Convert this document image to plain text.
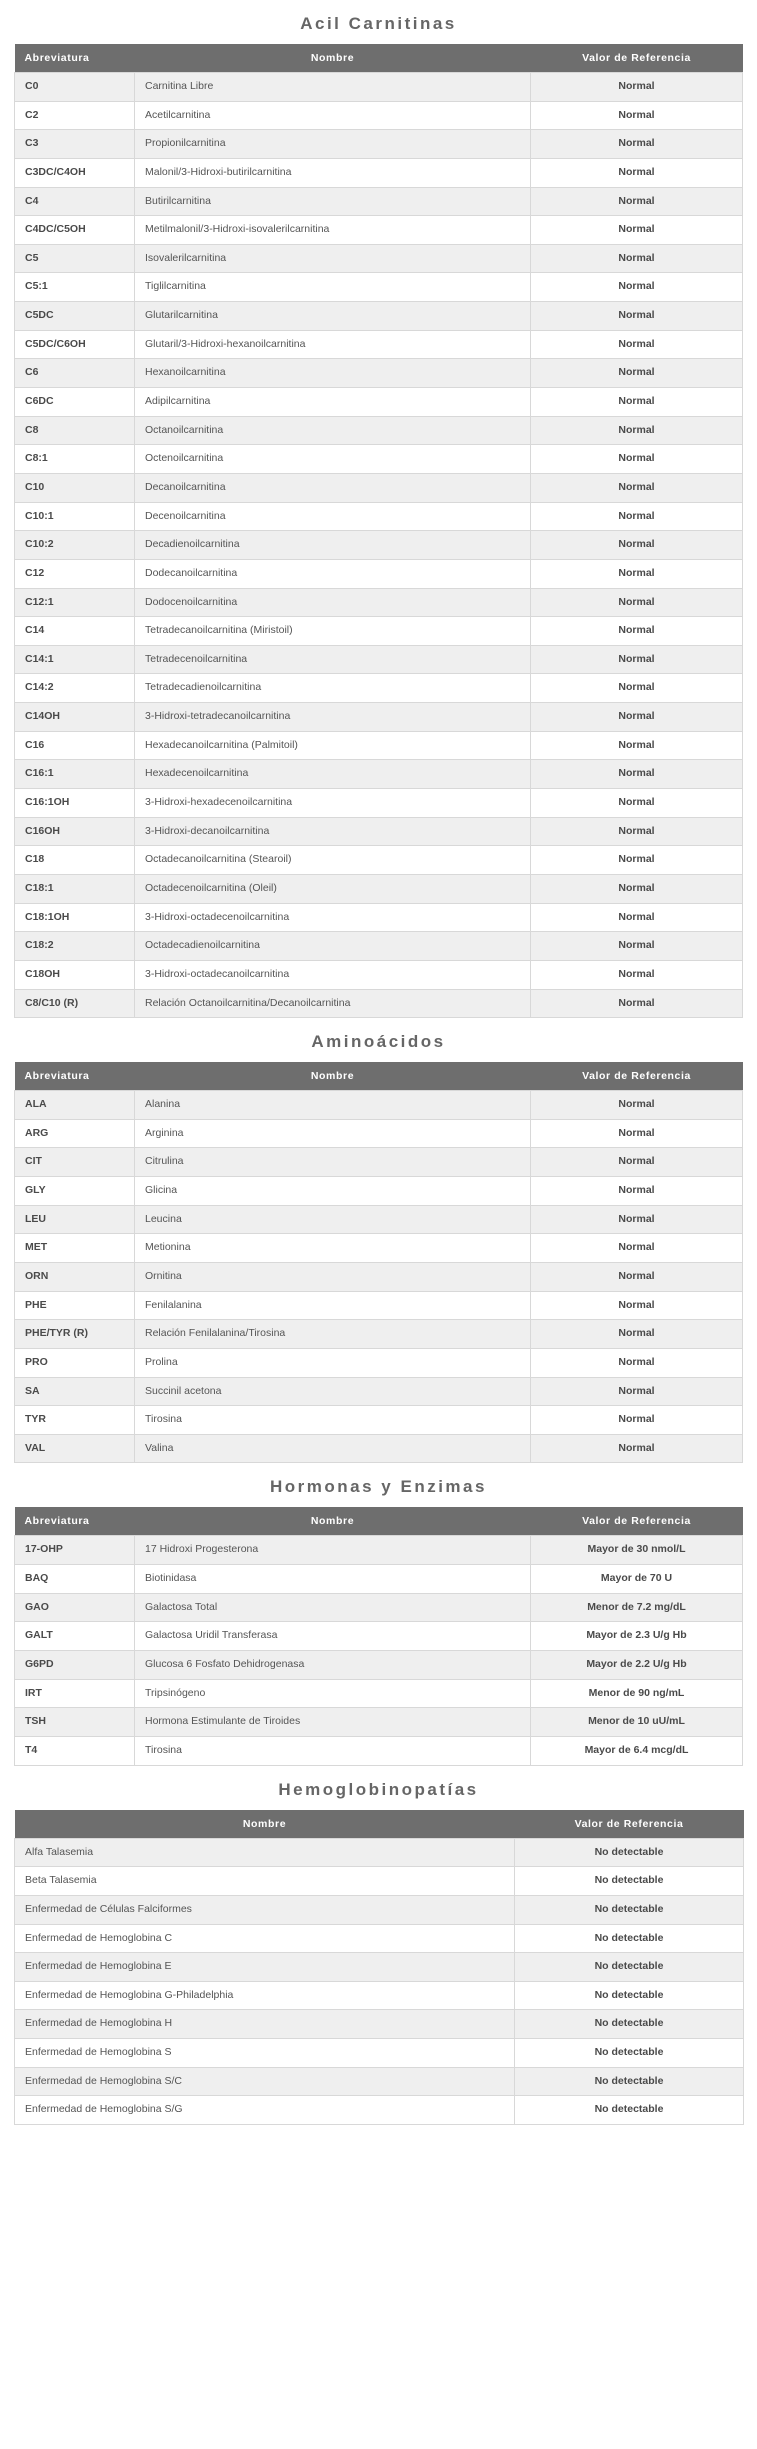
Acil Carnitinas
Abreviatura	Nombre	Valor de Referencia
C0	Carnitina Libre	Normal
C2	Acetilcarnitina	Normal
C3	Propionilcarnitina	Normal
C3DC/C4OH	Malonil/3-Hidroxi-butirilcarnitina	Normal
C4	Butirilcarnitina	Normal
C4DC/C5OH	Metilmalonil/3-Hidroxi-isovalerilcarnitina	Normal
C5	Isovalerilcarnitina	Normal
C5:1	Tiglilcarnitina	Normal
C5DC	Glutarilcarnitina	Normal
C5DC/C6OH	Glutaril/3-Hidroxi-hexanoilcarnitina	Normal
C6	Hexanoilcarnitina	Normal
C6DC	Adipilcarnitina	Normal
C8	Octanoilcarnitina	Normal
C8:1	Octenoilcarnitina	Normal
C10	Decanoilcarnitina	Normal
C10:1	Decenoilcarnitina	Normal
C10:2	Decadienoilcarnitina	Normal
C12	Dodecanoilcarnitina	Normal
C12:1	Dodocenoilcarnitina	Normal
C14	Tetradecanoilcarnitina (Miristoil)	Normal
C14:1	Tetradecenoilcarnitina	Normal
C14:2	Tetradecadienoilcarnitina	Normal
C14OH	3-Hidroxi-tetradecanoilcarnitina	Normal
C16	Hexadecanoilcarnitina (Palmitoil)	Normal
C16:1	Hexadecenoilcarnitina	Normal
C16:1OH	3-Hidroxi-hexadecenoilcarnitina	Normal
C16OH	3-Hidroxi-decanoilcarnitina	Normal
C18	Octadecanoilcarnitina (Stearoil)	Normal
C18:1	Octadecenoilcarnitina (Oleil)	Normal
C18:1OH	3-Hidroxi-octadecenoilcarnitina	Normal
C18:2	Octadecadienoilcarnitina	Normal
C18OH	3-Hidroxi-octadecanoilcarnitina	Normal
C8/C10 (R)	Relación Octanoilcarnitina/Decanoilcarnitina	Normal
Aminoácidos
Abreviatura	Nombre	Valor de Referencia
ALA	Alanina	Normal
ARG	Arginina	Normal
CIT	Citrulina	Normal
GLY	Glicina	Normal
LEU	Leucina	Normal
MET	Metionina	Normal
ORN	Ornitina	Normal
PHE	Fenilalanina	Normal
PHE/TYR (R)	Relación Fenilalanina/Tirosina	Normal
PRO	Prolina	Normal
SA	Succinil acetona	Normal
TYR	Tirosina	Normal
VAL	Valina	Normal
Hormonas y Enzimas
Abreviatura	Nombre	Valor de Referencia
17-OHP	17 Hidroxi Progesterona	Mayor de 30 nmol/L
BAQ	Biotinidasa	Mayor de 70 U
GAO	Galactosa Total	Menor de 7.2 mg/dL
GALT	Galactosa Uridil Transferasa	Mayor de 2.3 U/g Hb
G6PD	Glucosa 6 Fosfato Dehidrogenasa	Mayor de 2.2 U/g Hb
IRT	Tripsinógeno	Menor de 90 ng/mL
TSH	Hormona Estimulante de Tiroides	Menor de 10 uU/mL
T4	Tirosina	Mayor de 6.4 mcg/dL
Hemoglobinopatías
Nombre	Valor de Referencia
Alfa Talasemia	No detectable
Beta Talasemia	No detectable
Enfermedad de Células Falciformes	No detectable
Enfermedad de Hemoglobina C	No detectable
Enfermedad de Hemoglobina E	No detectable
Enfermedad de Hemoglobina G-Philadelphia	No detectable
Enfermedad de Hemoglobina H	No detectable
Enfermedad de Hemoglobina S	No detectable
Enfermedad de Hemoglobina S/C	No detectable
Enfermedad de Hemoglobina S/G	No detectable
